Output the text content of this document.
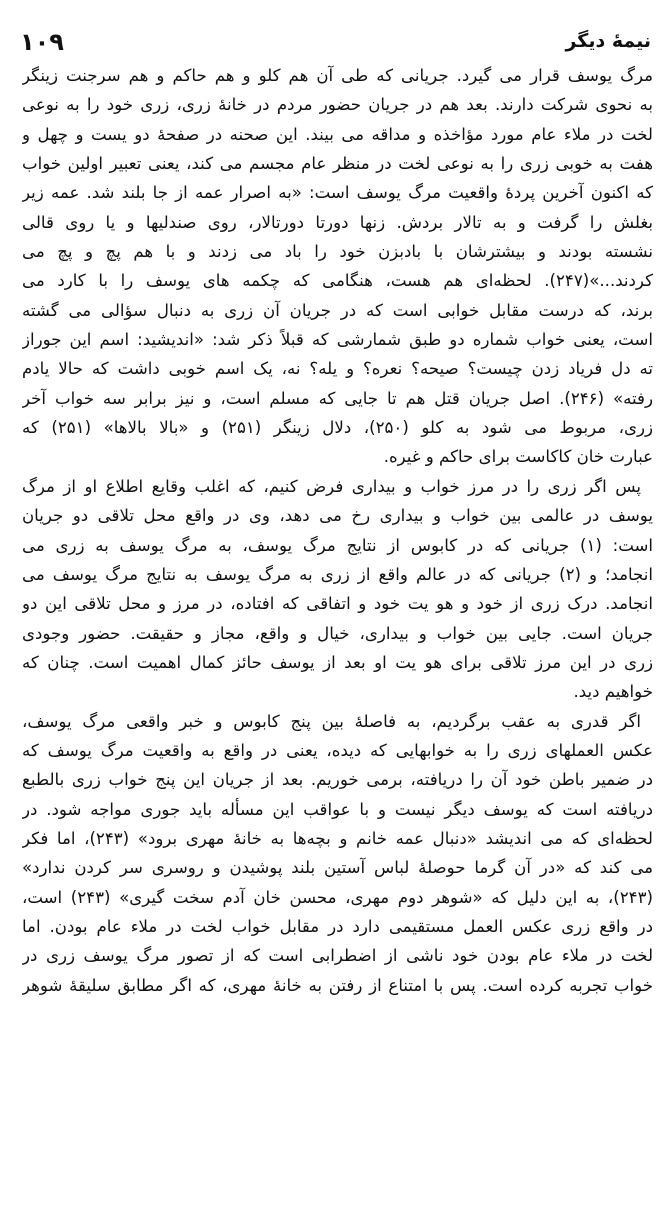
۱۰۹	نیمهٔ دیگر
مرگ یوسف قرار می گیرد. جریانی که طی آن هم کلو و هم حاکم و هم سرجنت زینگر
به نحوی شرکت دارند. بعد هم در جریان حضور مردم در خانهٔ زری، زری خود را به نوعی
لخت در ملاء عام مورد مؤاخذه و مداقه می بیند. این صحنه در صفحهٔ دو یست و چهل و
هفت به خوبی زری را به نوعی لخت در منظر عام مجسم می کند، یعنی تعبیر اولین خواب
که اکنون آخرین پردهٔ واقعیت مرگ یوسف است: «به اصرار عمه از جا بلند شد. عمه زیر
بغلش را گرفت و به تالار بردش. زنها دورتا دورتالار، روی صندلیها و یا روی قالی
نشسته بودند و بیشترشان با بادبزن خود را باد می زدند و با هم پچ و پچ می
کردند...»(۲۴۷). لحظه‌ای هم هست، هنگامی که چکمه های یوسف را با کارد می
برند، که درست مقابل خوابی است که در جریان آن زری به دنبال سؤالی می گشته
است، یعنی خواب شماره دو طبق شمارشی که قبلاً ذکر شد: «اندیشید: اسم این جوراز
ته دل فریاد زدن چیست؟ صیحه؟ نعره؟ و یله؟ نه، یک اسم خوبی داشت که حالا یادم
رفته» (۲۴۶). اصل جریان قتل هم تا جایی که مسلم است، و نیز برابر سه خواب آخر
زری، مربوط می شود به کلو (۲۵۰)، دلال زینگر (۲۵۱) و «بالا بالاها» (۲۵۱) که
عبارت خان کاکاست برای حاکم و غیره.
پس اگر زری را در مرز خواب و بیداری فرض کنیم، که اغلب وقایع اطلاع او از مرگ
یوسف در عالمی بین خواب و بیداری رخ می دهد، وی در واقع محل تلاقی دو جریان
است: (۱) جریانی که در کابوس از نتایج مرگ یوسف، به مرگ یوسف به زری می
انجامد؛ و (۲) جریانی که در عالم واقع از زری به مرگ یوسف به نتایج مرگ یوسف می
انجامد. درک زری از خود و هو یت خود و اتفاقی که افتاده، در مرز و محل تلاقی این دو
جریان است. جایی بین خواب و بیداری، خیال و واقع، مجاز و حقیقت. حضور وجودی
زری در این مرز تلاقی برای هو یت او بعد از یوسف حائز کمال اهمیت است. چنان که
خواهیم دید.
اگر قدری به عقب برگردیم، به فاصلهٔ بین پنج کابوس و خبر واقعی مرگ یوسف،
عکس العملهای زری را به خوابهایی که دیده، یعنی در واقع به واقعیت مرگ یوسف که
در ضمیر باطن خود آن را دریافته، برمی خوریم. بعد از جریان این پنج خواب زری بالطبع
دریافته است که یوسف دیگر نیست و با عواقب این مسأله باید جوری مواجه شود. در
لحظه‌ای که می اندیشد «دنبال عمه خانم و بچه‌ها به خانهٔ مهری برود» (۲۴۳)، اما فکر
می کند که «در آن گرما حوصلهٔ لباس آستین بلند پوشیدن و روسری سر کردن ندارد»
(۲۴۳)، به این دلیل که «شوهر دوم مهری، محسن خان آدم سخت گیری» (۲۴۳) است،
در واقع زری عکس العمل مستقیمی دارد در مقابل خواب لخت در ملاء عام بودن. اما
لخت در ملاء عام بودن خود ناشی از اضطرابی است که از تصور مرگ یوسف زری در
خواب تجربه کرده است. پس با امتناع از رفتن به خانهٔ مهری، که اگر مطابق سلیقهٔ شوهر
